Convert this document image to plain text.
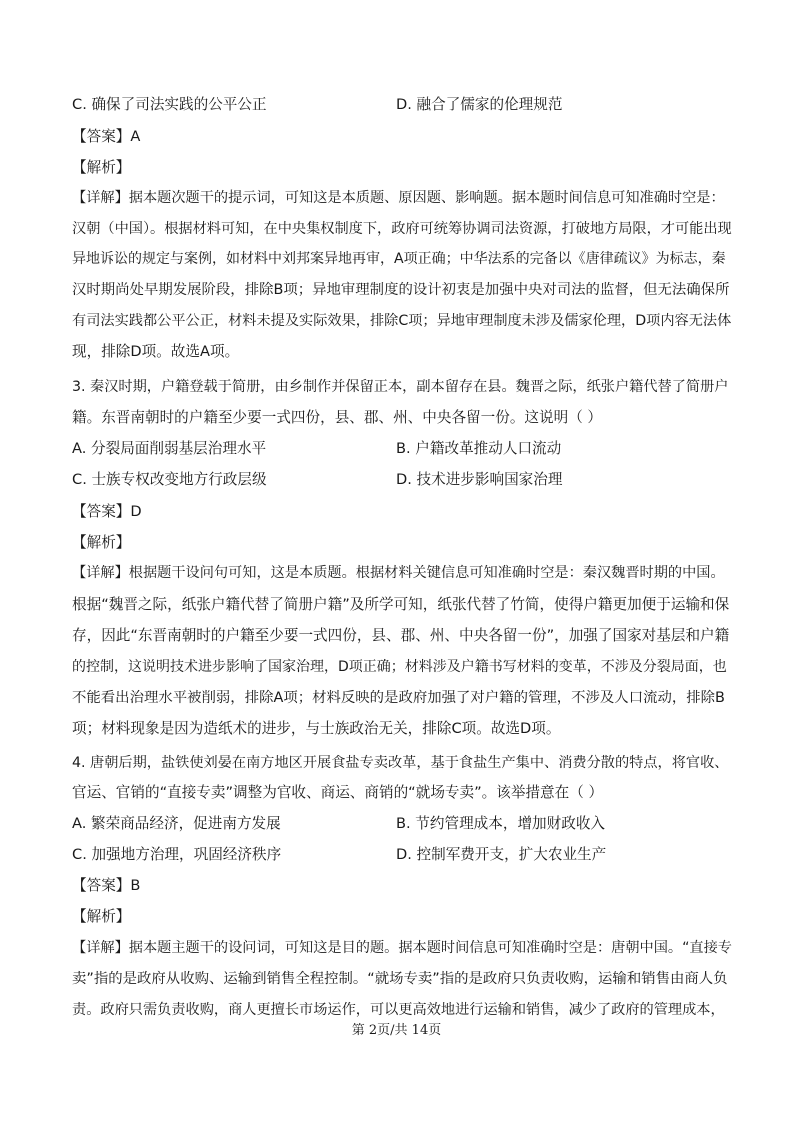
C. 确保了司法实践的公平公正	D. 融合了儒家的伦理规范
【答案】A
【解析】
【详解】据本题次题干的提示词，可知这是本质题、原因题、影响题。据本题时间信息可知准确时空是：
汉朝（中国）。根据材料可知，在中央集权制度下，政府可统筹协调司法资源，打破地方局限，才可能出现
异地诉讼的规定与案例，如材料中刘邦案异地再审，A项正确；中华法系的完备以《唐律疏议》为标志，秦
汉时期尚处早期发展阶段，排除B项；异地审理制度的设计初衷是加强中央对司法的监督，但无法确保所
有司法实践都公平公正，材料未提及实际效果，排除C项；异地审理制度未涉及儒家伦理，D项内容无法体
现，排除D项。故选A项。
3. 秦汉时期，户籍登载于简册，由乡制作并保留正本，副本留存在县。魏晋之际，纸张户籍代替了简册户
籍。东晋南朝时的户籍至少要一式四份，县、郡、州、中央各留一份。这说明（ ）
A. 分裂局面削弱基层治理水平	B. 户籍改革推动人口流动
C. 士族专权改变地方行政层级	D. 技术进步影响国家治理
【答案】D
【解析】
【详解】根据题干设问句可知，这是本质题。根据材料关键信息可知准确时空是：秦汉魏晋时期的中国。
根据“魏晋之际，纸张户籍代替了简册户籍”及所学可知，纸张代替了竹简，使得户籍更加便于运输和保
存，因此“东晋南朝时的户籍至少要一式四份，县、郡、州、中央各留一份”，加强了国家对基层和户籍
的控制，这说明技术进步影响了国家治理，D项正确；材料涉及户籍书写材料的变革，不涉及分裂局面，也
不能看出治理水平被削弱，排除A项；材料反映的是政府加强了对户籍的管理，不涉及人口流动，排除B
项；材料现象是因为造纸术的进步，与士族政治无关，排除C项。故选D项。
4. 唐朝后期，盐铁使刘晏在南方地区开展食盐专卖改革，基于食盐生产集中、消费分散的特点，将官收、
官运、官销的“直接专卖”调整为官收、商运、商销的“就场专卖”。该举措意在（ ）
A. 繁荣商品经济，促进南方发展	B. 节约管理成本，增加财政收入
C. 加强地方治理，巩固经济秩序	D. 控制军费开支，扩大农业生产
【答案】B
【解析】
【详解】据本题主题干的设问词，可知这是目的题。据本题时间信息可知准确时空是：唐朝中国。“直接专
卖”指的是政府从收购、运输到销售全程控制。“就场专卖”指的是政府只负责收购，运输和销售由商人负
责。政府只需负责收购，商人更擅长市场运作，可以更高效地进行运输和销售，减少了政府的管理成本，
第 2页/共 14页
